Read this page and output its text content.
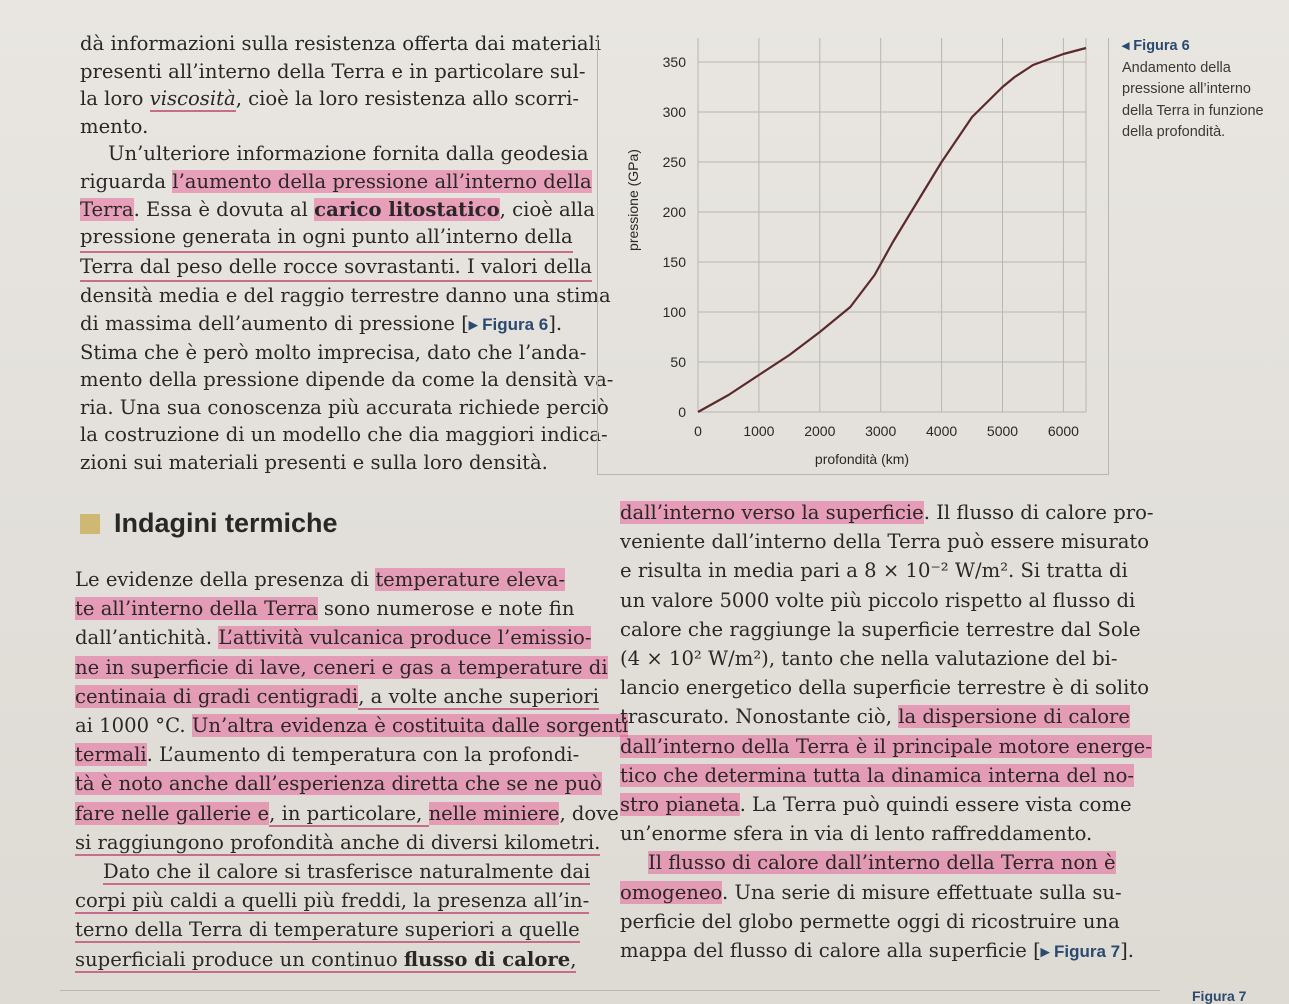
dà informazioni sulla resistenza offerta dai materiali
presenti all’interno della Terra e in particolare sul-
la loro viscosità, cioè la loro resistenza allo scorri-
mento.

Un’ulteriore informazione fornita dalla geodesia
riguarda l’aumento della pressione all’interno della
Terra. Essa è dovuta al carico litostatico, cioè alla
pressione generata in ogni punto all’interno della Terra dal peso delle rocce sovrastanti. I valori della
densità media e del raggio terrestre danno una stima
di massima dell’aumento di pressione [▸ Figura 6].
Stima che è però molto imprecisa, dato che l’anda-
mento della pressione dipende da come la densità va-
ria. Una sua conoscenza più accurata richiede perciò
la costruzione di un modello che dia maggiori indica-
zioni sui materiali presenti e sulla loro densità.

0
50
100
150
200
250
300
350
0	1000 2000 3000 4000 5000 6000
profondità (km)
pressione (GPa)
◂ Figura 6
Andamento della
pressione all’interno
della Terra in funzione
della profondità.
Indagini termiche

Le evidenze della presenza di temperature eleva-
te all’interno della Terra sono numerose e note fin
dall’antichità. L’attività vulcanica produce l’emissio-
ne in superficie di lave, ceneri e gas a temperature di
centinaia di gradi centigradi, a volte anche superiori
ai 1000 °C. Un’altra evidenza è costituita dalle sorgenti
termali. L’aumento di temperatura con la profondi-
tà è noto anche dall’esperienza diretta che se ne può
fare nelle gallerie e, in particolare, nelle miniere, dove
si raggiungono profondità anche di diversi kilometri.

Dato che il calore si trasferisce naturalmente dai
corpi più caldi a quelli più freddi, la presenza all’in-
terno della Terra di temperature superiori a quelle
superficiali produce un continuo flusso di calore,

dall’interno verso la superficie. Il flusso di calore pro-
veniente dall’interno della Terra può essere misurato
e risulta in media pari a 8 × 10⁻² W/m². Si tratta di
un valore 5000 volte più piccolo rispetto al flusso di
calore che raggiunge la superficie terrestre dal Sole
(4 × 10² W/m²), tanto che nella valutazione del bi-
lancio energetico della superficie terrestre è di solito
trascurato. Nonostante ciò, la dispersione di calore
dall’interno della Terra è il principale motore energe-
tico che determina tutta la dinamica interna del no-
stro pianeta. La Terra può quindi essere vista come
un’enorme sfera in via di lento raffreddamento.
Il flusso di calore dall’interno della Terra non è
omogeneo. Una serie di misure effettuate sulla su-
perficie del globo permette oggi di ricostruire una
mappa del flusso di calore alla superficie [▸ Figura 7].

Figura 7
